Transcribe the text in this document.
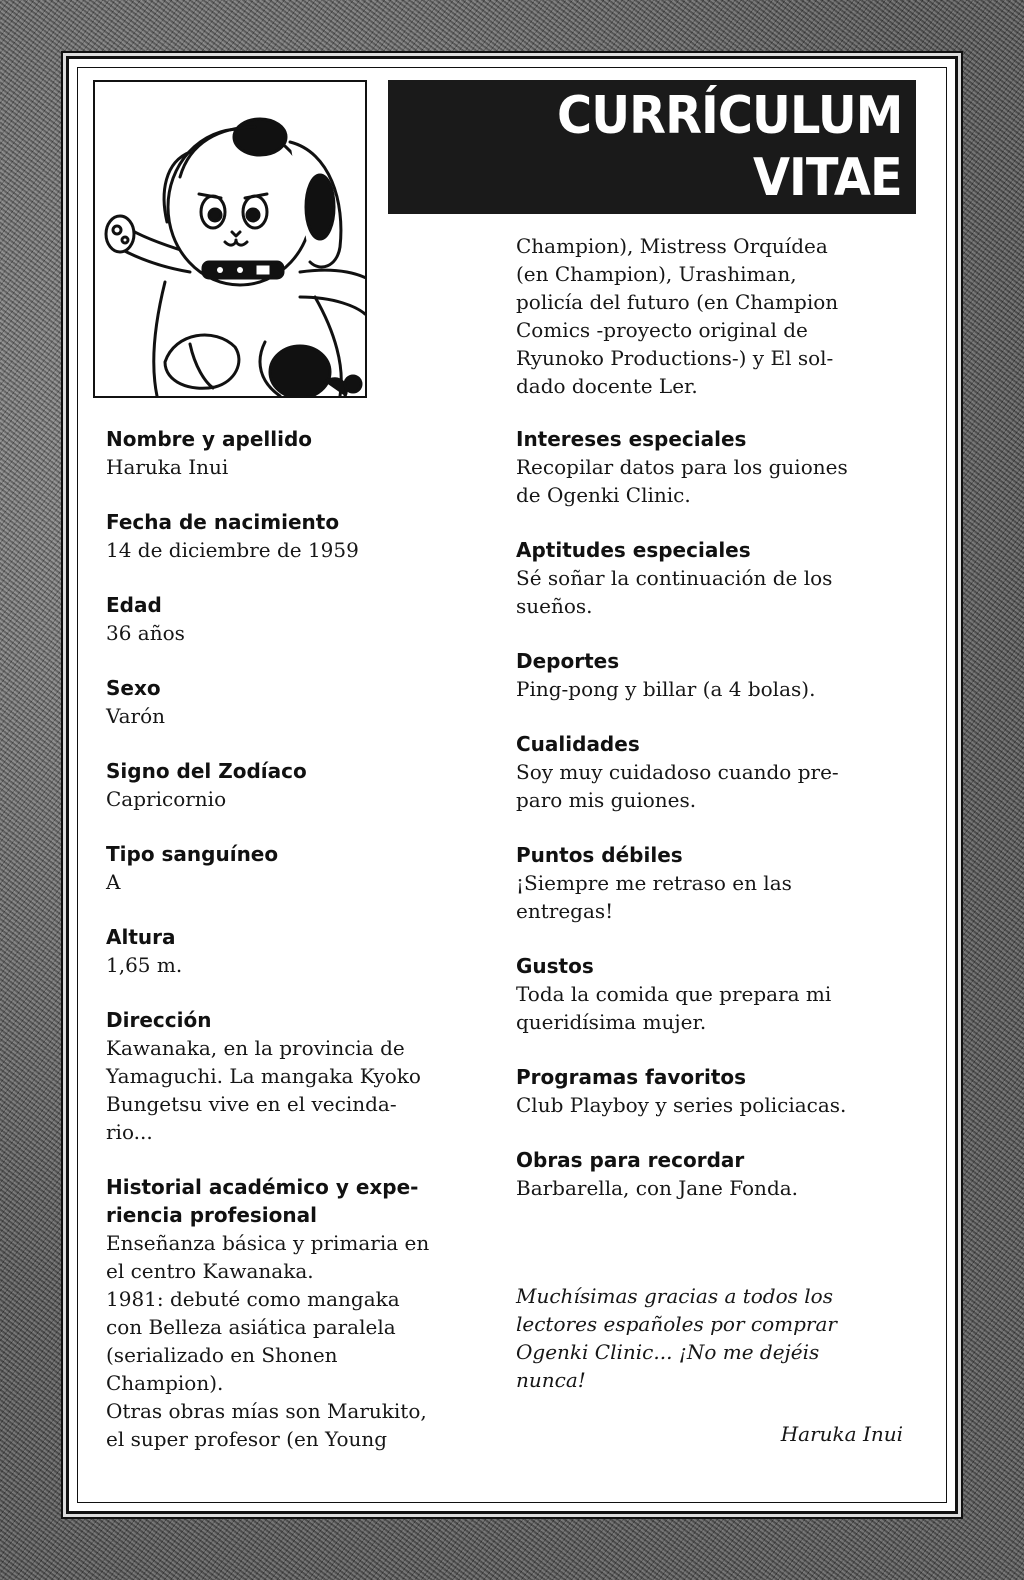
CURRÍCULUM
VITAE
Champion), Mistress Orquídea
(en Champion), Urashiman,
policía del futuro (en Champion
Comics -proyecto original de
Ryunoko Productions-) y El sol-
dado docente Ler.
Nombre y apellido
Haruka Inui
Fecha de nacimiento
14 de diciembre de 1959
Edad
36 años
Sexo
Varón
Signo del Zodíaco
Capricornio
Tipo sanguíneo
A
Altura
1,65 m.
Dirección
Kawanaka, en la provincia de
Yamaguchi. La mangaka Kyoko
Bungetsu vive en el vecinda-
rio...
Historial académico y expe-
riencia profesional
Enseñanza básica y primaria en
el centro Kawanaka.
1981: debuté como mangaka
con Belleza asiática paralela
(serializado en Shonen
Champion).
Otras obras mías son Marukito,
el super profesor (en Young
Intereses especiales
Recopilar datos para los guiones
de Ogenki Clinic.
Aptitudes especiales
Sé soñar la continuación de los
sueños.
Deportes
Ping-pong y billar (a 4 bolas).
Cualidades
Soy muy cuidadoso cuando pre-
paro mis guiones.
Puntos débiles
¡Siempre me retraso en las
entregas!
Gustos
Toda la comida que prepara mi
queridísima mujer.
Programas favoritos
Club Playboy y series policiacas.
Obras para recordar
Barbarella, con Jane Fonda.
Muchísimas gracias a todos los
lectores españoles por comprar
Ogenki Clinic... ¡No me dejéis
nunca!
Haruka Inui
